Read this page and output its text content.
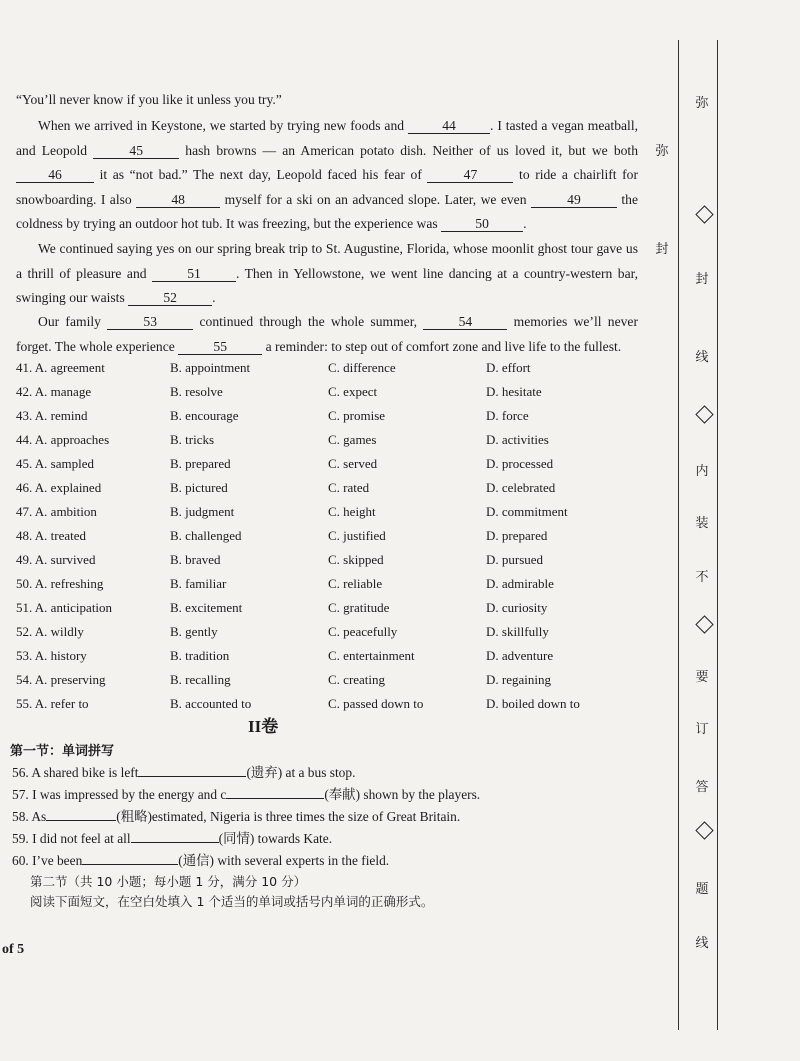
“You’ll never know if you like it unless you try.”
When we arrived in Keystone, we started by trying new foods and	44	. I tasted a vegan meatball, and Leopold	45	hash browns — an American potato dish. Neither of us loved it, but we both 46 it as “not bad.” The next day, Leopold faced his fear of	47	to ride a chairlift for snowboarding. I also	48	myself for a ski on an advanced slope. Later, we even	49	the coldness by trying an outdoor hot tub. It was freezing, but the experience was	50	.
We continued saying yes on our spring break trip to St. Augustine, Florida, whose moonlit ghost tour gave us a thrill of pleasure and	51	. Then in Yellowstone, we went line dancing at a country-western bar, swinging our waists	52	.
Our family	53	continued through the whole summer,	54	memories we’ll never forget. The whole experience	55	a reminder: to step out of comfort zone and live life to the fullest.
41. A. agreement	B. appointment	C. difference	D. effort
42. A. manage	B. resolve	C. expect	D. hesitate
43. A. remind	B. encourage	C. promise	D. force
44. A. approaches	B. tricks	C. games	D. activities
45. A. sampled	B. prepared	C. served	D. processed
46. A. explained	B. pictured	C. rated	D. celebrated
47. A. ambition	B. judgment	C. height	D. commitment
48. A. treated	B. challenged	C. justified	D. prepared
49. A. survived	B. braved	C. skipped	D. pursued
50. A. refreshing	B. familiar	C. reliable	D. admirable
51. A. anticipation	B. excitement	C. gratitude	D. curiosity
52. A. wildly	B. gently	C. peacefully	D. skillfully
53. A. history	B. tradition	C. entertainment	D. adventure
54. A. preserving	B. recalling	C. creating	D. regaining
55. A. refer to	B. accounted to	C. passed down to	D. boiled down to
II卷
第一节：单词拼写
56. A shared bike is left	(遗弃) at a bus stop.
57. I was impressed by the energy and c	(奉献) shown by the players.
58. As	(粗略)estimated, Nigeria is three times the size of Great Britain.
59. I did not feel at all	(同情) towards Kate.
60. I’ve been	(通信) with several experts in the field.
第二节（共 10 小题；每小题 1 分，满分 10 分）
阅读下面短文，在空白处填入 1 个适当的单词或括号内单词的正确形式。
of 5
弥
弥
封
封
线
内
装
不
要
订
答
题
线
